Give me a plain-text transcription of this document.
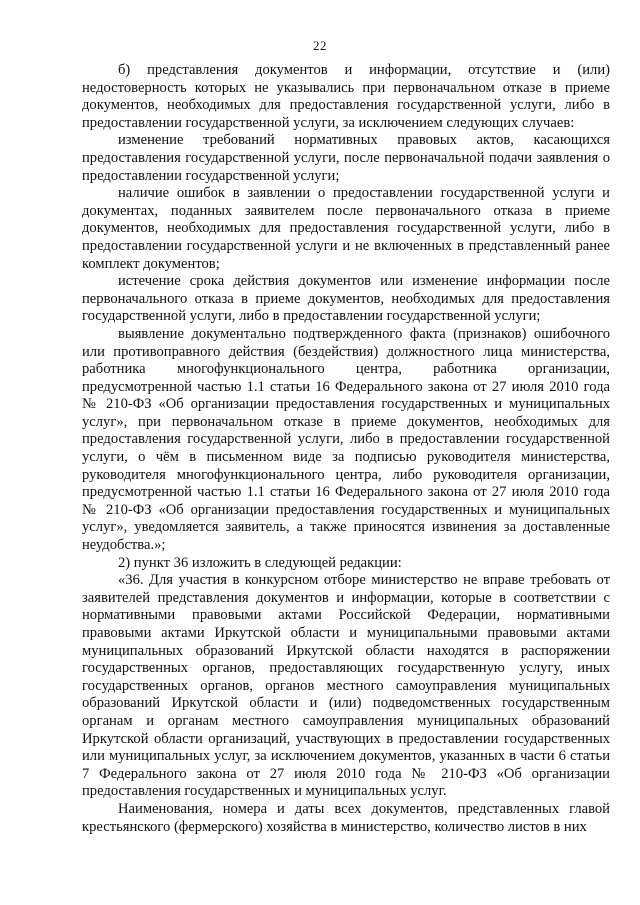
22

б) представления документов и информации, отсутствие и (или) недостоверность которых не указывались при первоначальном отказе в приеме документов, необходимых для предоставления государственной услуги, либо в предоставлении государственной услуги, за исключением следующих случаев:

изменение требований нормативных правовых актов, касающихся предоставления государственной услуги, после первоначальной подачи заявления о предоставлении государственной услуги;

наличие ошибок в заявлении о предоставлении государственной услуги и документах, поданных заявителем после первоначального отказа в приеме документов, необходимых для предоставления государственной услуги, либо в предоставлении государственной услуги и не включенных в представленный ранее комплект документов;

истечение срока действия документов или изменение информации после первоначального отказа в приеме документов, необходимых для предоставления государственной услуги, либо в предоставлении государственной услуги;

выявление документально подтвержденного факта (признаков) ошибочного или противоправного действия (бездействия) должностного лица министерства, работника многофункционального центра, работника организации, предусмотренной частью 1.1 статьи 16 Федерального закона от 27 июля 2010 года № 210-ФЗ «Об организации предоставления государственных и муниципальных услуг», при первоначальном отказе в приеме документов, необходимых для предоставления государственной услуги, либо в предоставлении государственной услуги, о чём в письменном виде за подписью руководителя министерства, руководителя многофункционального центра, либо руководителя организации, предусмотренной частью 1.1 статьи 16 Федерального закона от 27 июля 2010 года № 210-ФЗ «Об организации предоставления государственных и муниципальных услуг», уведомляется заявитель, а также приносятся извинения за доставленные неудобства.»;

2) пункт 36 изложить в следующей редакции:

«36. Для участия в конкурсном отборе министерство не вправе требовать от заявителей представления документов и информации, которые в соответствии с нормативными правовыми актами Российской Федерации, нормативными правовыми актами Иркутской области и муниципальными правовыми актами муниципальных образований Иркутской области находятся в распоряжении государственных органов, предоставляющих государственную услугу, иных государственных органов, органов местного самоуправления муниципальных образований Иркутской области и (или) подведомственных государственным органам и органам местного самоуправления муниципальных образований Иркутской области организаций, участвующих в предоставлении государственных или муниципальных услуг, за исключением документов, указанных в части 6 статьи 7 Федерального закона от 27 июля 2010 года № 210-ФЗ «Об организации предоставления государственных и муниципальных услуг.

Наименования, номера и даты всех документов, представленных главой крестьянского (фермерского) хозяйства в министерство, количество листов в них
